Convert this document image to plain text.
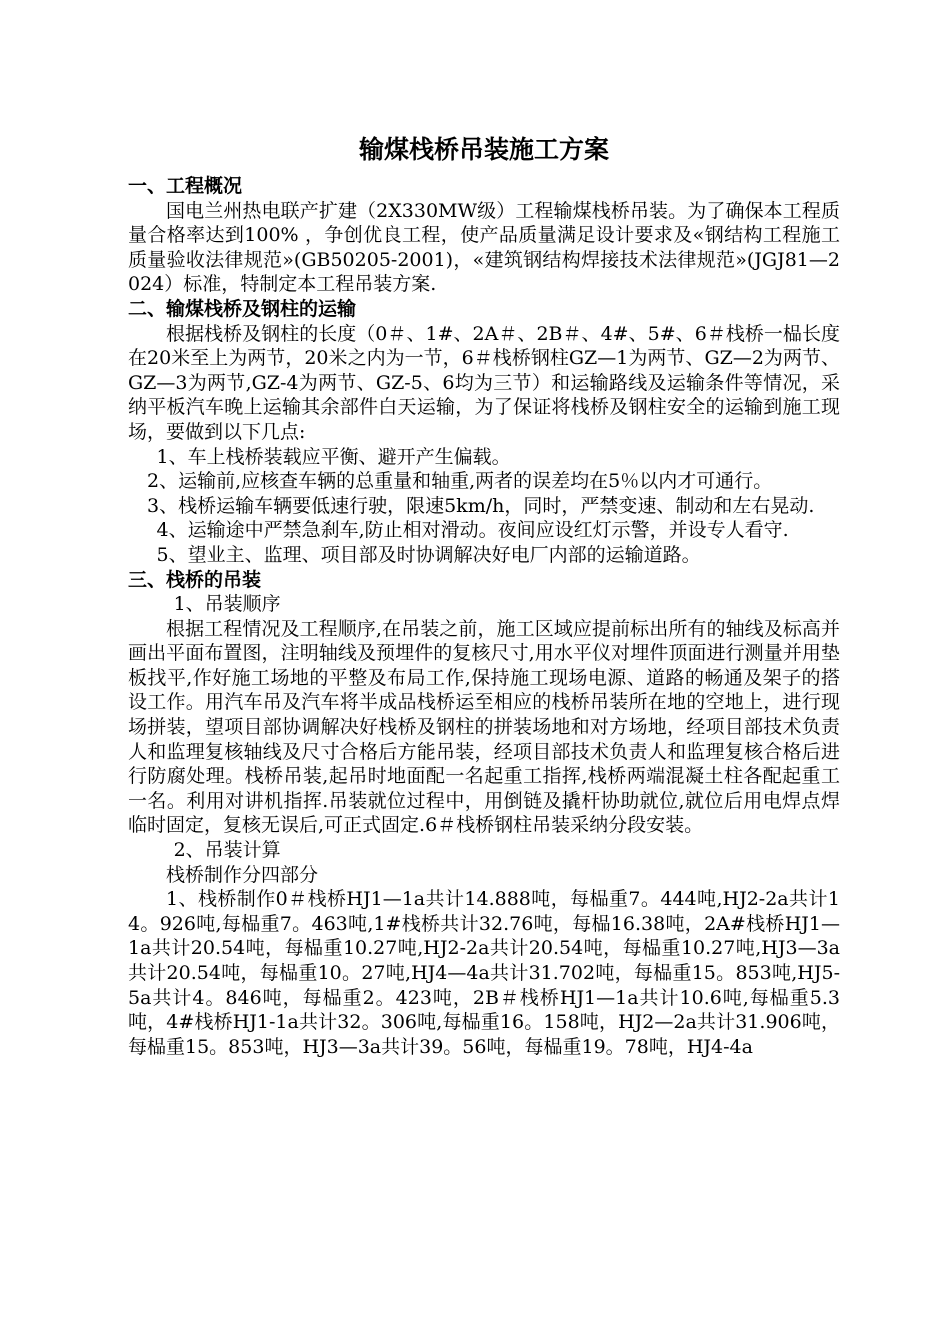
输煤栈桥吊装施工方案
一、工程概况

国电兰州热电联产扩建（2X330MW级）工程输煤栈桥吊装。为了确保本工程质量合格率达到100% ，争创优良工程，使产品质量满足设计要求及«钢结构工程施工质量验收法律规范»(GB50205-2001)，«建筑钢结构焊接技术法律规范»(JGJ81—2024）标准，特制定本工程吊装方案.

二、输煤栈桥及钢柱的运输

根据栈桥及钢柱的长度（0＃、1#、2A＃、2B＃、4#、5#、6＃栈桥一榀长度在20米至上为两节，20米之内为一节，6＃栈桥钢柱GZ—1为两节、GZ—2为两节、GZ—3为两节,GZ-4为两节、GZ-5、6均为三节）和运输路线及运输条件等情况，采纳平板汽车晚上运输其余部件白天运输，为了保证将栈桥及钢柱安全的运输到施工现场，要做到以下几点:

1、车上栈桥装载应平衡、避开产生偏载。

2、运输前,应核查车辆的总重量和轴重,两者的误差均在5％以内才可通行。

3、栈桥运输车辆要低速行驶，限速5km/h，同时，严禁变速、制动和左右晃动.

4、运输途中严禁急刹车,防止相对滑动。夜间应设红灯示警，并设专人看守.

5、望业主、监理、项目部及时协调解决好电厂内部的运输道路。

三、栈桥的吊装

1、吊装顺序

根据工程情况及工程顺序,在吊装之前，施工区域应提前标出所有的轴线及标高并画出平面布置图，注明轴线及预埋件的复核尺寸,用水平仪对埋件顶面进行测量并用垫板找平,作好施工场地的平整及布局工作,保持施工现场电源、道路的畅通及架子的搭设工作。用汽车吊及汽车将半成品栈桥运至相应的栈桥吊装所在地的空地上，进行现场拼装，望项目部协调解决好栈桥及钢柱的拼装场地和对方场地，经项目部技术负责人和监理复核轴线及尺寸合格后方能吊装，经项目部技术负责人和监理复核合格后进行防腐处理。栈桥吊装,起吊时地面配一名起重工指挥,栈桥两端混凝土柱各配起重工一名。利用对讲机指挥.吊装就位过程中，用倒链及撬杆协助就位,就位后用电焊点焊临时固定，复核无误后,可正式固定.6＃栈桥钢柱吊装采纳分段安装。

2、吊装计算

栈桥制作分四部分

1、栈桥制作0＃栈桥HJ1—1a共计14.888吨，每榀重7。444吨,HJ2-2a共计14。926吨,每榀重7。463吨,1#栈桥共计32.76吨，每榀16.38吨，2A#栈桥HJ1—1a共计20.54吨，每榀重10.27吨,HJ2-2a共计20.54吨，每榀重10.27吨,HJ3—3a共计20.54吨，每榀重10。27吨,HJ4—4a共计31.702吨，每榀重15。853吨,HJ5-5a共计4。846吨，每榀重2。423吨，2B＃栈桥HJ1—1a共计10.6吨,每榀重5.3吨，4#栈桥HJ1-1a共计32。306吨,每榀重16。158吨，HJ2—2a共计31.906吨，每榀重15。853吨，HJ3—3a共计39。56吨，每榀重19。78吨，HJ4-4a
